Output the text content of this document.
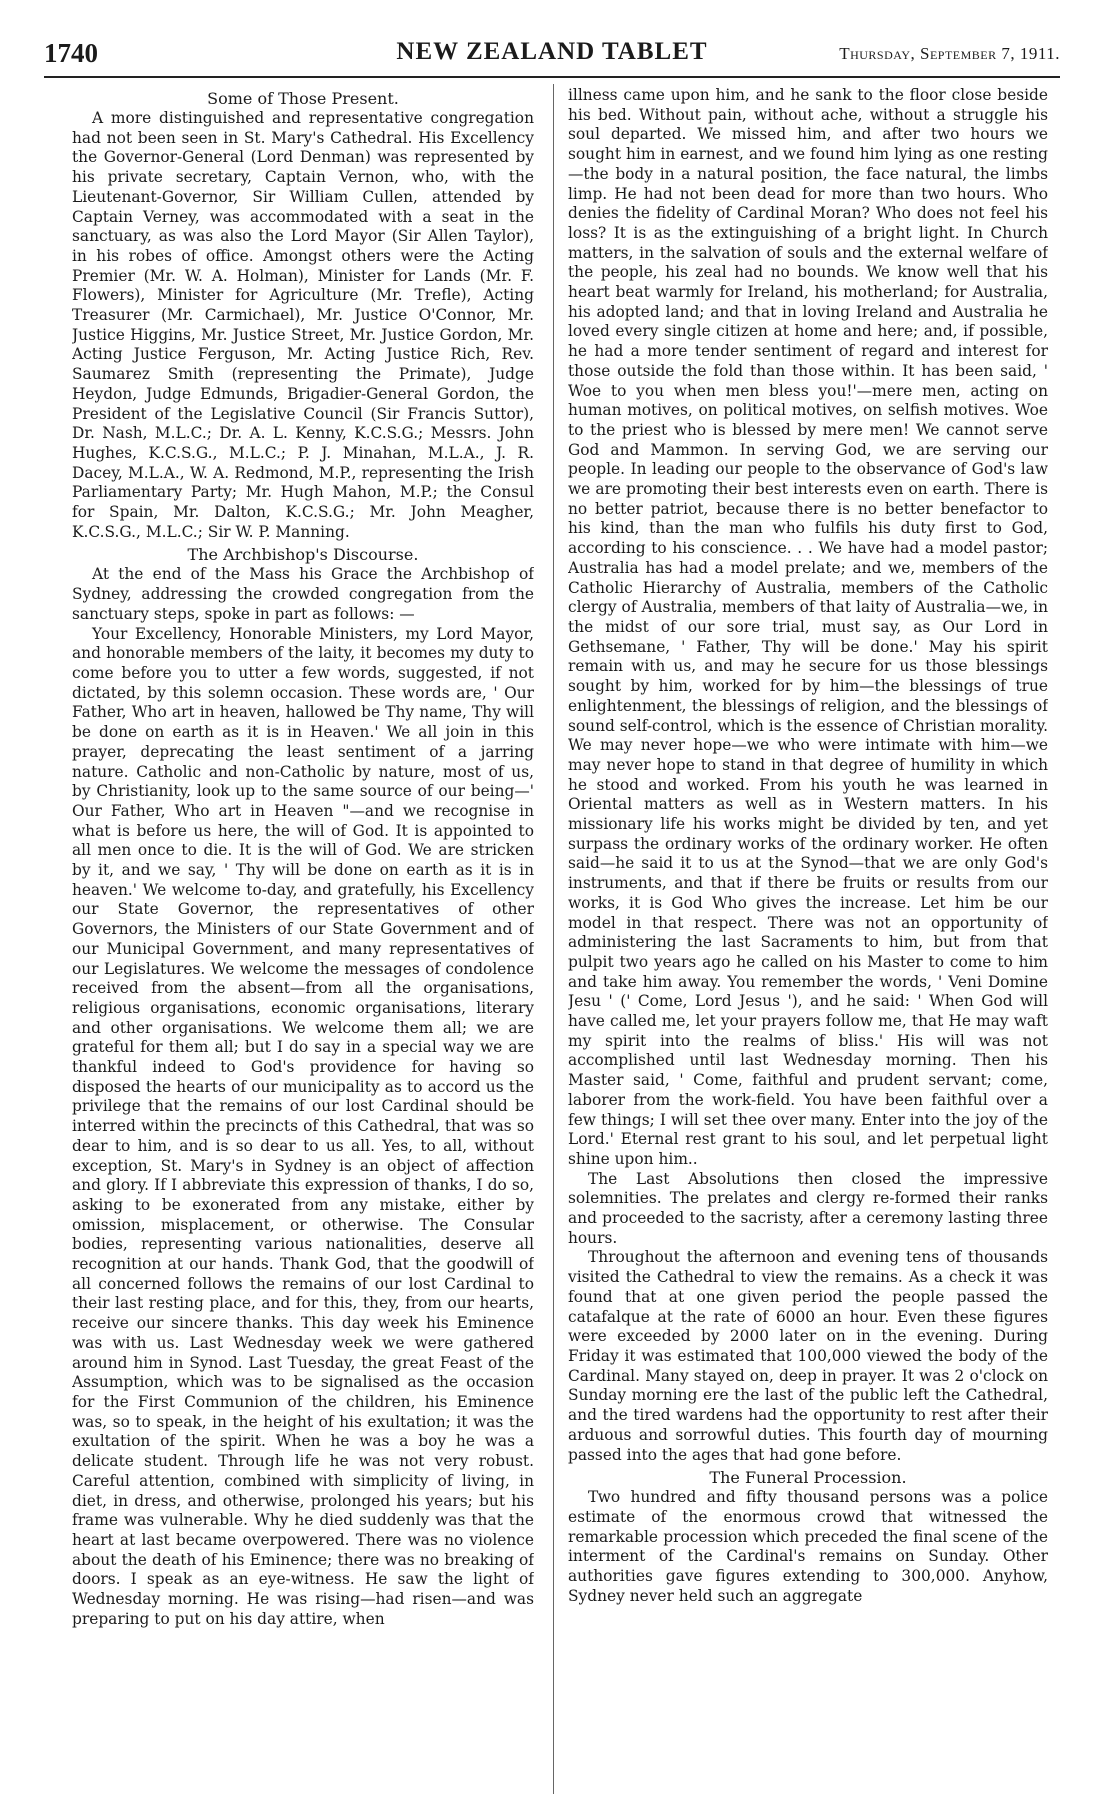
1740	NEW ZEALAND TABLET	Thursday, September 7, 1911.
Some of Those Present.

A more distinguished and representative congregation had not been seen in St. Mary's Cathedral. His Excellency the Governor-General (Lord Denman) was represented by his private secretary, Captain Vernon, who, with the Lieutenant-Governor, Sir William Cullen, attended by Captain Verney, was accommodated with a seat in the sanctuary, as was also the Lord Mayor (Sir Allen Taylor), in his robes of office. Amongst others were the Acting Premier (Mr. W. A. Holman), Minister for Lands (Mr. F. Flowers), Minister for Agriculture (Mr. Trefle), Acting Treasurer (Mr. Carmichael), Mr. Justice O'Connor, Mr. Justice Higgins, Mr. Justice Street, Mr. Justice Gordon, Mr. Acting Justice Ferguson, Mr. Acting Justice Rich, Rev. Saumarez Smith (representing the Primate), Judge Heydon, Judge Edmunds, Brigadier-General Gordon, the President of the Legislative Council (Sir Francis Suttor), Dr. Nash, M.L.C.; Dr. A. L. Kenny, K.C.S.G.; Messrs. John Hughes, K.C.S.G., M.L.C.; P. J. Minahan, M.L.A., J. R. Dacey, M.L.A., W. A. Redmond, M.P., representing the Irish Parliamentary Party; Mr. Hugh Mahon, M.P.; the Consul for Spain, Mr. Dalton, K.C.S.G.; Mr. John Meagher, K.C.S.G., M.L.C.; Sir W. P. Manning.

The Archbishop's Discourse.

At the end of the Mass his Grace the Archbishop of Sydney, addressing the crowded congregation from the sanctuary steps, spoke in part as follows: —

Your Excellency, Honorable Ministers, my Lord Mayor, and honorable members of the laity, it becomes my duty to come before you to utter a few words, suggested, if not dictated, by this solemn occasion. These words are, ' Our Father, Who art in heaven, hallowed be Thy name, Thy will be done on earth as it is in Heaven.' We all join in this prayer, deprecating the least sentiment of a jarring nature. Catholic and non-Catholic by nature, most of us, by Christianity, look up to the same source of our being—' Our Father, Who art in Heaven "—and we recognise in what is before us here, the will of God. It is appointed to all men once to die. It is the will of God. We are stricken by it, and we say, ' Thy will be done on earth as it is in heaven.' We welcome to-day, and gratefully, his Excellency our State Governor, the representatives of other Governors, the Ministers of our State Government and of our Municipal Government, and many representatives of our Legislatures. We welcome the messages of condolence received from the absent—from all the organisations, religious organisations, economic organisations, literary and other organisations. We welcome them all; we are grateful for them all; but I do say in a special way we are thankful indeed to God's providence for having so disposed the hearts of our municipality as to accord us the privilege that the remains of our lost Cardinal should be interred within the precincts of this Cathedral, that was so dear to him, and is so dear to us all. Yes, to all, without exception, St. Mary's in Sydney is an object of affection and glory. If I abbreviate this expression of thanks, I do so, asking to be exonerated from any mistake, either by omission, misplacement, or otherwise. The Consular bodies, representing various nationalities, deserve all recognition at our hands. Thank God, that the goodwill of all concerned follows the remains of our lost Cardinal to their last resting place, and for this, they, from our hearts, receive our sincere thanks. This day week his Eminence was with us. Last Wednesday week we were gathered around him in Synod. Last Tuesday, the great Feast of the Assumption, which was to be signalised as the occasion for the First Communion of the children, his Eminence was, so to speak, in the height of his exultation; it was the exultation of the spirit. When he was a boy he was a delicate student. Through life he was not very robust. Careful attention, combined with simplicity of living, in diet, in dress, and otherwise, prolonged his years; but his frame was vulnerable. Why he died suddenly was that the heart at last became overpowered. There was no violence about the death of his Eminence; there was no breaking of doors. I speak as an eye-witness. He saw the light of Wednesday morning. He was rising—had risen—and was preparing to put on his day attire, when

illness came upon him, and he sank to the floor close beside his bed. Without pain, without ache, without a struggle his soul departed. We missed him, and after two hours we sought him in earnest, and we found him lying as one resting—the body in a natural position, the face natural, the limbs limp. He had not been dead for more than two hours. Who denies the fidelity of Cardinal Moran? Who does not feel his loss? It is as the extinguishing of a bright light. In Church matters, in the salvation of souls and the external welfare of the people, his zeal had no bounds. We know well that his heart beat warmly for Ireland, his motherland; for Australia, his adopted land; and that in loving Ireland and Australia he loved every single citizen at home and here; and, if possible, he had a more tender sentiment of regard and interest for those outside the fold than those within. It has been said, ' Woe to you when men bless you!'—mere men, acting on human motives, on political motives, on selfish motives. Woe to the priest who is blessed by mere men! We cannot serve God and Mammon. In serving God, we are serving our people. In leading our people to the observance of God's law we are promoting their best interests even on earth. There is no better patriot, because there is no better benefactor to his kind, than the man who fulfils his duty first to God, according to his conscience. . . We have had a model pastor; Australia has had a model prelate; and we, members of the Catholic Hierarchy of Australia, members of the Catholic clergy of Australia, members of that laity of Australia—we, in the midst of our sore trial, must say, as Our Lord in Gethsemane, ' Father, Thy will be done.' May his spirit remain with us, and may he secure for us those blessings sought by him, worked for by him—the blessings of true enlightenment, the blessings of religion, and the blessings of sound self-control, which is the essence of Christian morality. We may never hope—we who were intimate with him—we may never hope to stand in that degree of humility in which he stood and worked. From his youth he was learned in Oriental matters as well as in Western matters. In his missionary life his works might be divided by ten, and yet surpass the ordinary works of the ordinary worker. He often said—he said it to us at the Synod—that we are only God's instruments, and that if there be fruits or results from our works, it is God Who gives the increase. Let him be our model in that respect. There was not an opportunity of administering the last Sacraments to him, but from that pulpit two years ago he called on his Master to come to him and take him away. You remember the words, ' Veni Domine Jesu ' (' Come, Lord Jesus '), and he said: ' When God will have called me, let your prayers follow me, that He may waft my spirit into the realms of bliss.' His will was not accomplished until last Wednesday morning. Then his Master said, ' Come, faithful and prudent servant; come, laborer from the work-field. You have been faithful over a few things; I will set thee over many. Enter into the joy of the Lord.' Eternal rest grant to his soul, and let perpetual light shine upon him..

The Last Absolutions then closed the impressive solemnities. The prelates and clergy re-formed their ranks and proceeded to the sacristy, after a ceremony lasting three hours.

Throughout the afternoon and evening tens of thousands visited the Cathedral to view the remains. As a check it was found that at one given period the people passed the catafalque at the rate of 6000 an hour. Even these figures were exceeded by 2000 later on in the evening. During Friday it was estimated that 100,000 viewed the body of the Cardinal. Many stayed on, deep in prayer. It was 2 o'clock on Sunday morning ere the last of the public left the Cathedral, and the tired wardens had the opportunity to rest after their arduous and sorrowful duties. This fourth day of mourning passed into the ages that had gone before.

The Funeral Procession.

Two hundred and fifty thousand persons was a police estimate of the enormous crowd that witnessed the remarkable procession which preceded the final scene of the interment of the Cardinal's remains on Sunday. Other authorities gave figures extending to 300,000. Anyhow, Sydney never held such an aggregate
